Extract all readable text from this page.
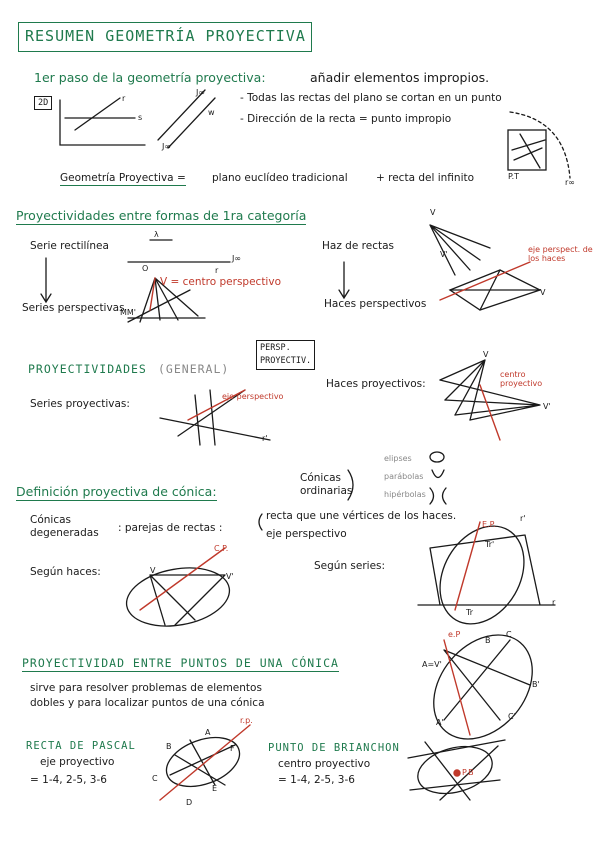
RESUMEN GEOMETRÍA PROYECTIVA
1er paso de la geometría proyectiva:	añadir elementos impropios.
2D	r
s
J∞
w
J∞
- Todas las rectas del plano se cortan en un punto
- Dirección de la recta = punto impropio
P.T
r∞
Geometría Proyectiva = plano euclídeo tradicional	+ recta del infinito
Proyectividades entre formas de 1ra categoría
Serie rectilínea
λ
O
J∞
r
V = centro perspectivo
Series perspectivas
MM'
Haz de rectas
Haces perspectivos
V
V'
eje perspect. de los haces
V
PROYECTIVIDADES (GENERAL)
PERSP.
PROYECTIV.
Series proyectivas:
eje perspectivo
r'
Haces proyectivos:
V
centro proyectivo
V'
Definición proyectiva de cónica:
Cónicas
ordinarias
elipses
parábolas
hipérbolas
Cónicas
degeneradas : parejas de rectas :
recta que une vértices de los haces.
eje perspectivo
Según haces:
C.P.
V
V'
Según series:
E.P.
Tr'
Tr
r'
r
PROYECTIVIDAD ENTRE PUNTOS DE UNA CÓNICA
sirve para resolver problemas de elementos
dobles y para localizar puntos de una cónica
e.P
A=V'
B
C
B'
C'
A'
RECTA DE PASCAL
eje proyectivo
= 1-4, 2-5, 3-6
r.p.
A
B
C
D
E
F	PUNTO DE BRIANCHON
centro proyectivo
= 1-4, 2-5, 3-6
P.B
